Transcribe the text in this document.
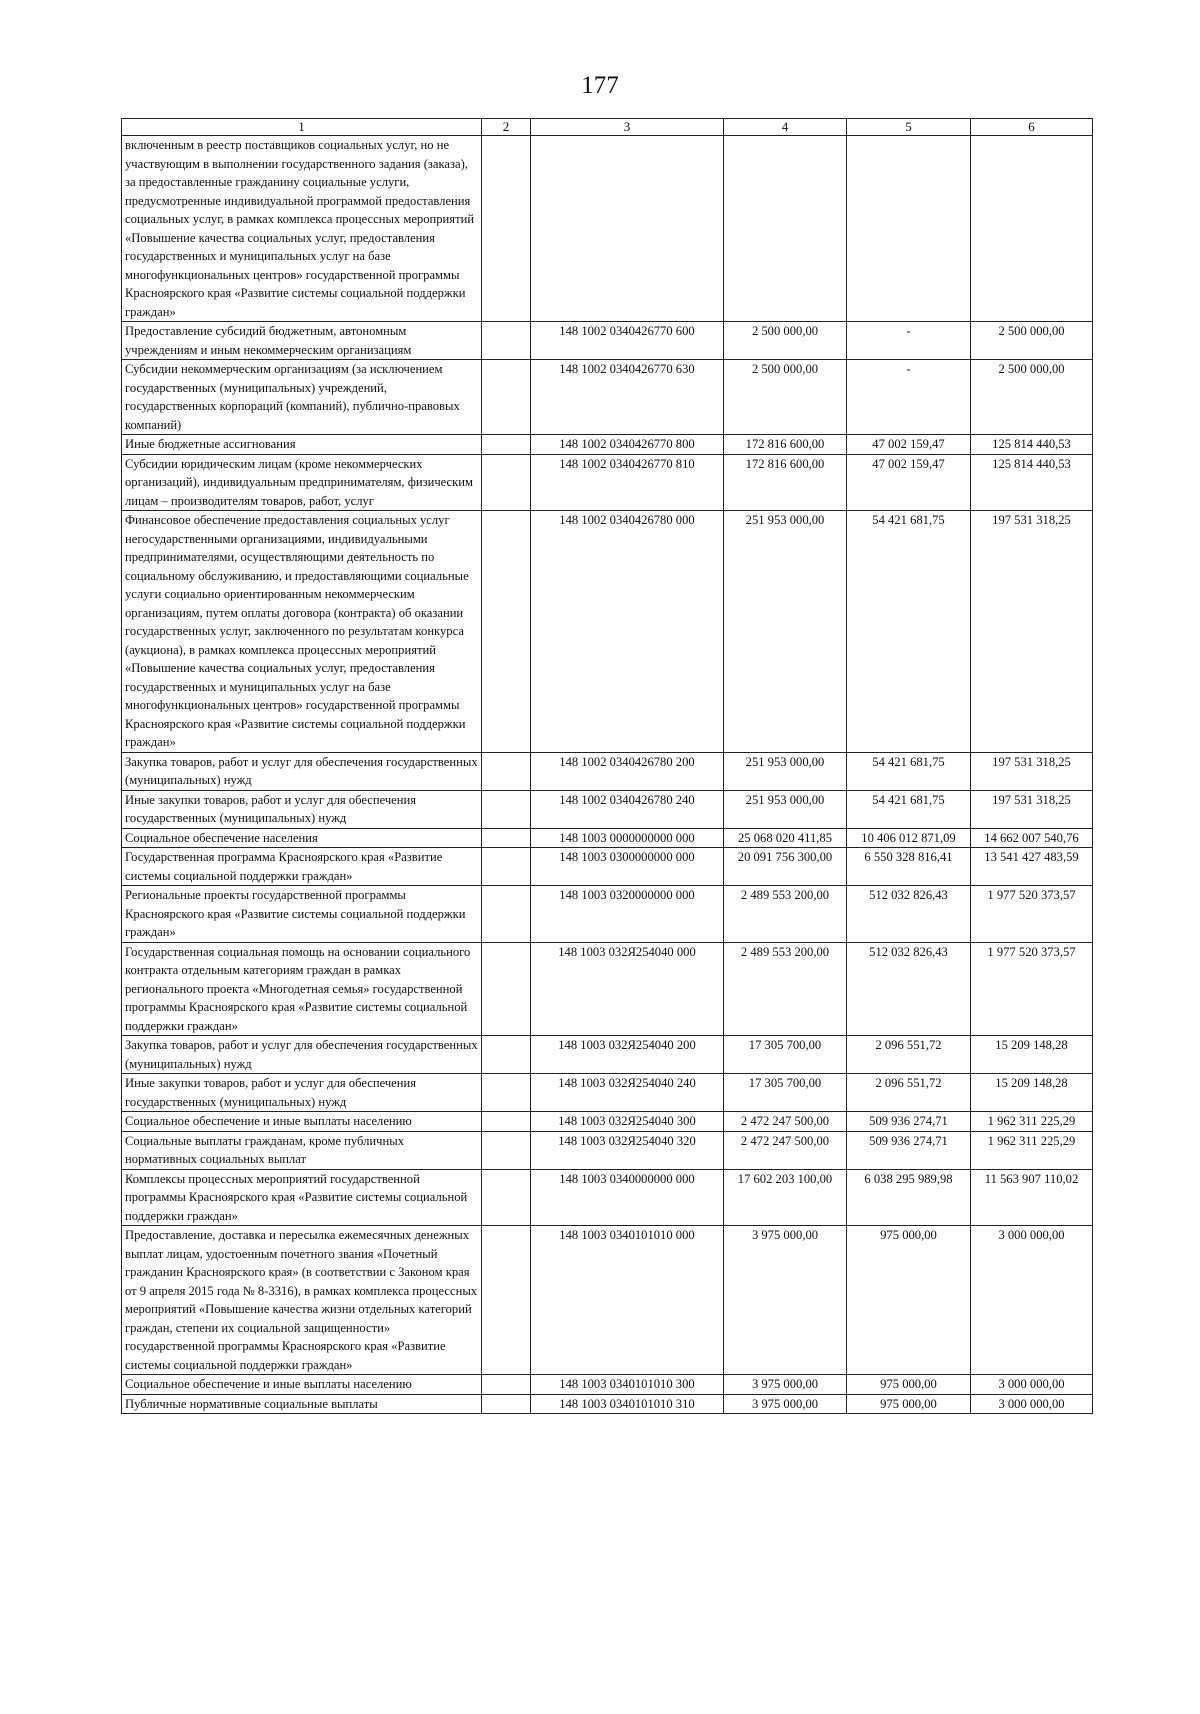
177
1	2	3	4	5	6
включенным в реестр поставщиков социальных услуг, но не участвующим в выполнении государственного задания (заказа), за предоставленные гражданину социальные услуги, предусмотренные индивидуальной программой предоставления социальных услуг, в рамках комплекса процессных мероприятий «Повышение качества социальных услуг, предоставления государственных и муниципальных услуг на базе многофункциональных центров» государственной программы Красноярского края «Развитие системы социальной поддержки граждан»					
Предоставление субсидий бюджетным, автономным учреждениям и иным некоммерческим организациям		148 1002 0340426770 600	2 500 000,00	-	2 500 000,00
Субсидии некоммерческим организациям (за исключением государственных (муниципальных) учреждений, государственных корпораций (компаний), публично-правовых компаний)		148 1002 0340426770 630	2 500 000,00	-	2 500 000,00
Иные бюджетные ассигнования		148 1002 0340426770 800	172 816 600,00	47 002 159,47	125 814 440,53
Субсидии юридическим лицам (кроме некоммерческих организаций), индивидуальным предпринимателям, физическим лицам – производителям товаров, работ, услуг		148 1002 0340426770 810	172 816 600,00	47 002 159,47	125 814 440,53
Финансовое обеспечение предоставления социальных услуг негосударственными организациями, индивидуальными предпринимателями, осуществляющими деятельность по социальному обслуживанию, и предоставляющими социальные услуги социально ориентированным некоммерческим организациям, путем оплаты договора (контракта) об оказании государственных услуг, заключенного по результатам конкурса (аукциона), в рамках комплекса процессных мероприятий «Повышение качества социальных услуг, предоставления государственных и муниципальных услуг на базе многофункциональных центров» государственной программы Красноярского края «Развитие системы социальной поддержки граждан»		148 1002 0340426780 000	251 953 000,00	54 421 681,75	197 531 318,25
Закупка товаров, работ и услуг для обеспечения государственных (муниципальных) нужд		148 1002 0340426780 200	251 953 000,00	54 421 681,75	197 531 318,25
Иные закупки товаров, работ и услуг для обеспечения государственных (муниципальных) нужд		148 1002 0340426780 240	251 953 000,00	54 421 681,75	197 531 318,25
Социальное обеспечение населения		148 1003 0000000000 000	25 068 020 411,85	10 406 012 871,09	14 662 007 540,76
Государственная программа Красноярского края «Развитие системы социальной поддержки граждан»		148 1003 0300000000 000	20 091 756 300,00	6 550 328 816,41	13 541 427 483,59
Региональные проекты государственной программы Красноярского края «Развитие системы социальной поддержки граждан»		148 1003 0320000000 000	2 489 553 200,00	512 032 826,43	1 977 520 373,57
Государственная социальная помощь на основании социального контракта отдельным категориям граждан в рамках регионального проекта «Многодетная семья» государственной программы Красноярского края «Развитие системы социальной поддержки граждан»		148 1003 032Я254040 000	2 489 553 200,00	512 032 826,43	1 977 520 373,57
Закупка товаров, работ и услуг для обеспечения государственных (муниципальных) нужд		148 1003 032Я254040 200	17 305 700,00	2 096 551,72	15 209 148,28
Иные закупки товаров, работ и услуг для обеспечения государственных (муниципальных) нужд		148 1003 032Я254040 240	17 305 700,00	2 096 551,72	15 209 148,28
Социальное обеспечение и иные выплаты населению		148 1003 032Я254040 300	2 472 247 500,00	509 936 274,71	1 962 311 225,29
Социальные выплаты гражданам, кроме публичных нормативных социальных выплат		148 1003 032Я254040 320	2 472 247 500,00	509 936 274,71	1 962 311 225,29
Комплексы процессных мероприятий государственной программы Красноярского края «Развитие системы социальной поддержки граждан»		148 1003 0340000000 000	17 602 203 100,00	6 038 295 989,98	11 563 907 110,02
Предоставление, доставка и пересылка ежемесячных денежных выплат лицам, удостоенным почетного звания «Почетный гражданин Красноярского края» (в соответствии с Законом края от 9 апреля 2015 года № 8-3316), в рамках комплекса процессных мероприятий «Повышение качества жизни отдельных категорий граждан, степени их социальной защищенности» государственной программы Красноярского края «Развитие системы социальной поддержки граждан»		148 1003 0340101010 000	3 975 000,00	975 000,00	3 000 000,00
Социальное обеспечение и иные выплаты населению		148 1003 0340101010 300	3 975 000,00	975 000,00	3 000 000,00
Публичные нормативные социальные выплаты		148 1003 0340101010 310	3 975 000,00	975 000,00	3 000 000,00
